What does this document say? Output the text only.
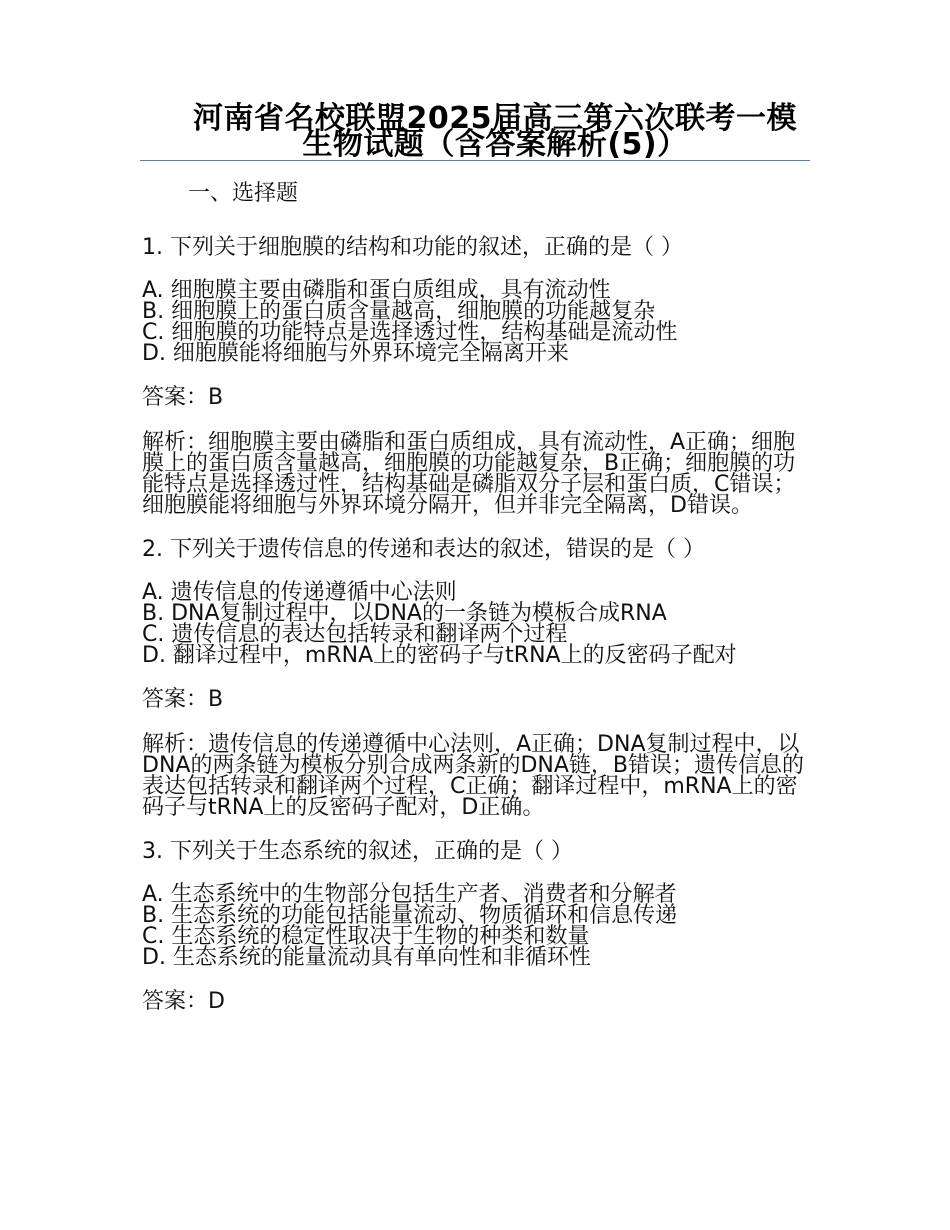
河南省名校联盟2025届高三第六次联考一模生物试题（含答案解析(5)）
一、选择题

1. 下列关于细胞膜的结构和功能的叙述，正确的是（ ）

A. 细胞膜主要由磷脂和蛋白质组成，具有流动性
B. 细胞膜上的蛋白质含量越高，细胞膜的功能越复杂
C. 细胞膜的功能特点是选择透过性，结构基础是流动性
D. 细胞膜能将细胞与外界环境完全隔离开来

答案：B

解析：细胞膜主要由磷脂和蛋白质组成，具有流动性，A正确；细胞膜上的蛋白质含量越高，细胞膜的功能越复杂，B正确；细胞膜的功能特点是选择透过性，结构基础是磷脂双分子层和蛋白质，C错误；细胞膜能将细胞与外界环境分隔开，但并非完全隔离，D错误。

2. 下列关于遗传信息的传递和表达的叙述，错误的是（ ）

A. 遗传信息的传递遵循中心法则
B. DNA复制过程中，以DNA的一条链为模板合成RNA
C. 遗传信息的表达包括转录和翻译两个过程
D. 翻译过程中，mRNA上的密码子与tRNA上的反密码子配对

答案：B

解析：遗传信息的传递遵循中心法则，A正确；DNA复制过程中，以DNA的两条链为模板分别合成两条新的DNA链，B错误；遗传信息的表达包括转录和翻译两个过程，C正确；翻译过程中，mRNA上的密码子与tRNA上的反密码子配对，D正确。

3. 下列关于生态系统的叙述，正确的是（ ）

A. 生态系统中的生物部分包括生产者、消费者和分解者
B. 生态系统的功能包括能量流动、物质循环和信息传递
C. 生态系统的稳定性取决于生物的种类和数量
D. 生态系统的能量流动具有单向性和非循环性

答案：D
